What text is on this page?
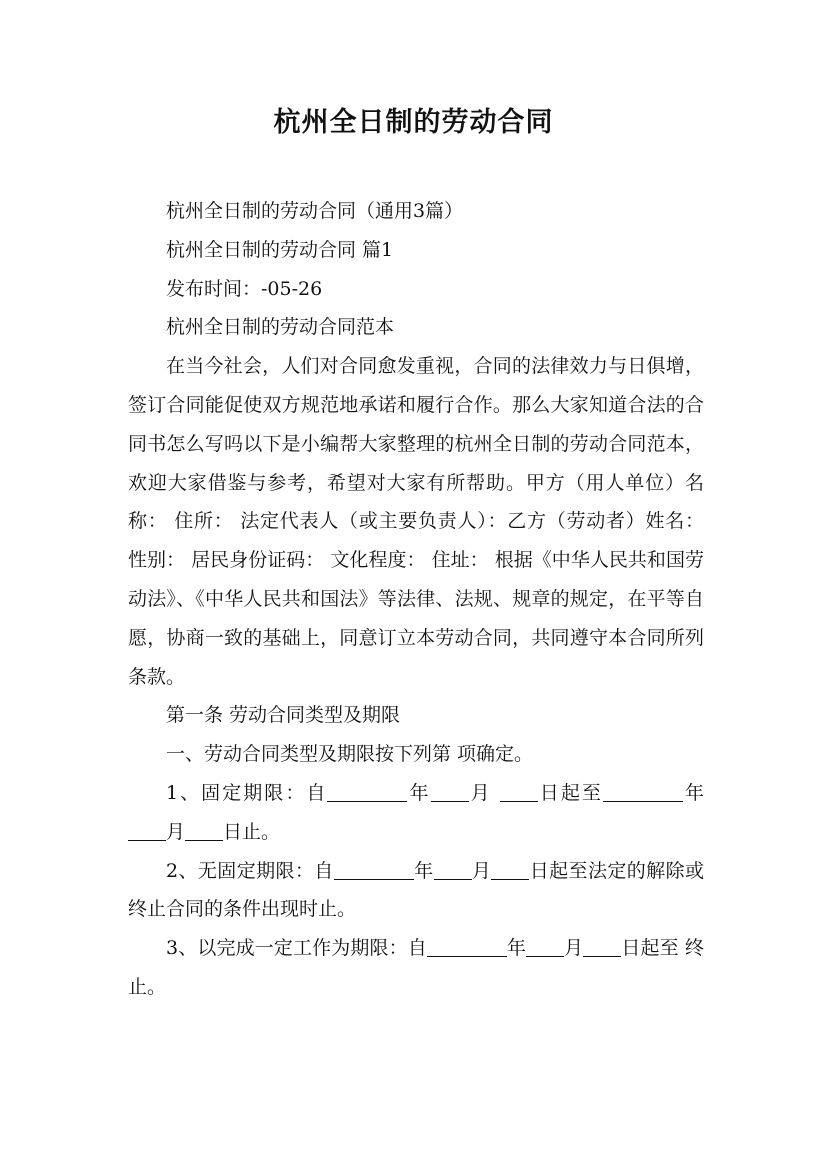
杭州全日制的劳动合同

杭州全日制的劳动合同（通用3篇）

杭州全日制的劳动合同 篇1

发布时间：-05-26

杭州全日制的劳动合同范本

在当今社会，人们对合同愈发重视，合同的法律效力与日俱增，签订合同能促使双方规范地承诺和履行合作。那么大家知道合法的合同书怎么写吗以下是小编帮大家整理的杭州全日制的劳动合同范本，欢迎大家借鉴与参考，希望对大家有所帮助。甲方（用人单位）名称： 住所： 法定代表人（或主要负责人）：乙方（劳动者）姓名： 性别： 居民身份证码： 文化程度： 住址： 根据《中华人民共和国劳动法》、《中华人民共和国法》等法律、法规、规章的规定，在平等自愿，协商一致的基础上，同意订立本劳动合同，共同遵守本合同所列条款。

第一条 劳动合同类型及期限

一、劳动合同类型及期限按下列第 项确定。

1、固定期限：自	年 月 日起至	年 月 日止。

2、无固定期限：自	年 月 日起至法定的解除或终止合同的条件出现时止。

3、以完成一定工作为期限：自	年 月 日起至 终止。
